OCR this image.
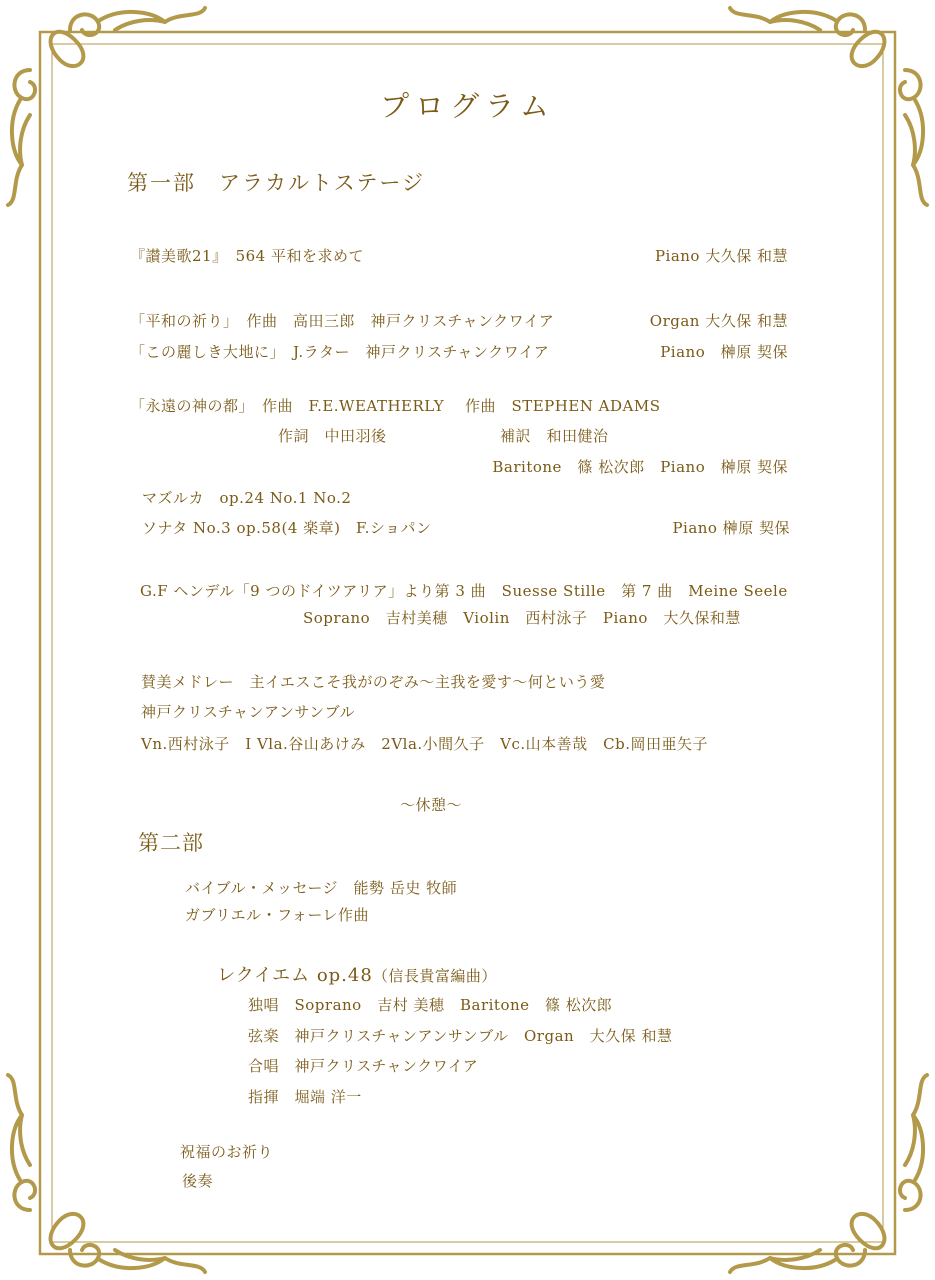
プログラム
第一部　アラカルトステージ
『讃美歌21』　564 平和を求めて	Piano 大久保 和慧
「平和の祈り」　作曲　高田三郎　神戸クリスチャンクワイア	Organ 大久保 和慧
「この麗しき大地に」　J.ラター　神戸クリスチャンクワイア	Piano　榊原 契保
「永遠の神の都」　作曲　F.E.WEATHERLY　 作曲　STEPHEN ADAMS
作詞　中田羽後	補訳　和田健治
Baritone　篠 松次郎　Piano　榊原 契保
マズルカ　op.24 No.1 No.2
ソナタ No.3 op.58(4 楽章)　F.ショパン	Piano 榊原 契保
G.F ヘンデル「9 つのドイツアリア」より第 3 曲　Suesse Stille　第 7 曲　Meine Seele
Soprano　吉村美穂　Violin　西村泳子　Piano　大久保和慧
賛美メドレー　主イエスこそ我がのぞみ～主我を愛す～何という愛
神戸クリスチャンアンサンブル
Vn.西村泳子　I Vla.谷山あけみ　2Vla.小間久子　Vc.山本善哉　Cb.岡田亜矢子
～休憩～
第二部
バイブル・メッセージ　能勢 岳史 牧師
ガブリエル・フォーレ作曲

レクイエム op.48（信長貴富編曲）

独唱　Soprano　吉村 美穂　Baritone　篠 松次郎
弦楽　神戸クリスチャンアンサンブル　Organ　大久保 和慧
合唱　神戸クリスチャンクワイア
指揮　堀端 洋一
祝福のお祈り
後奏
